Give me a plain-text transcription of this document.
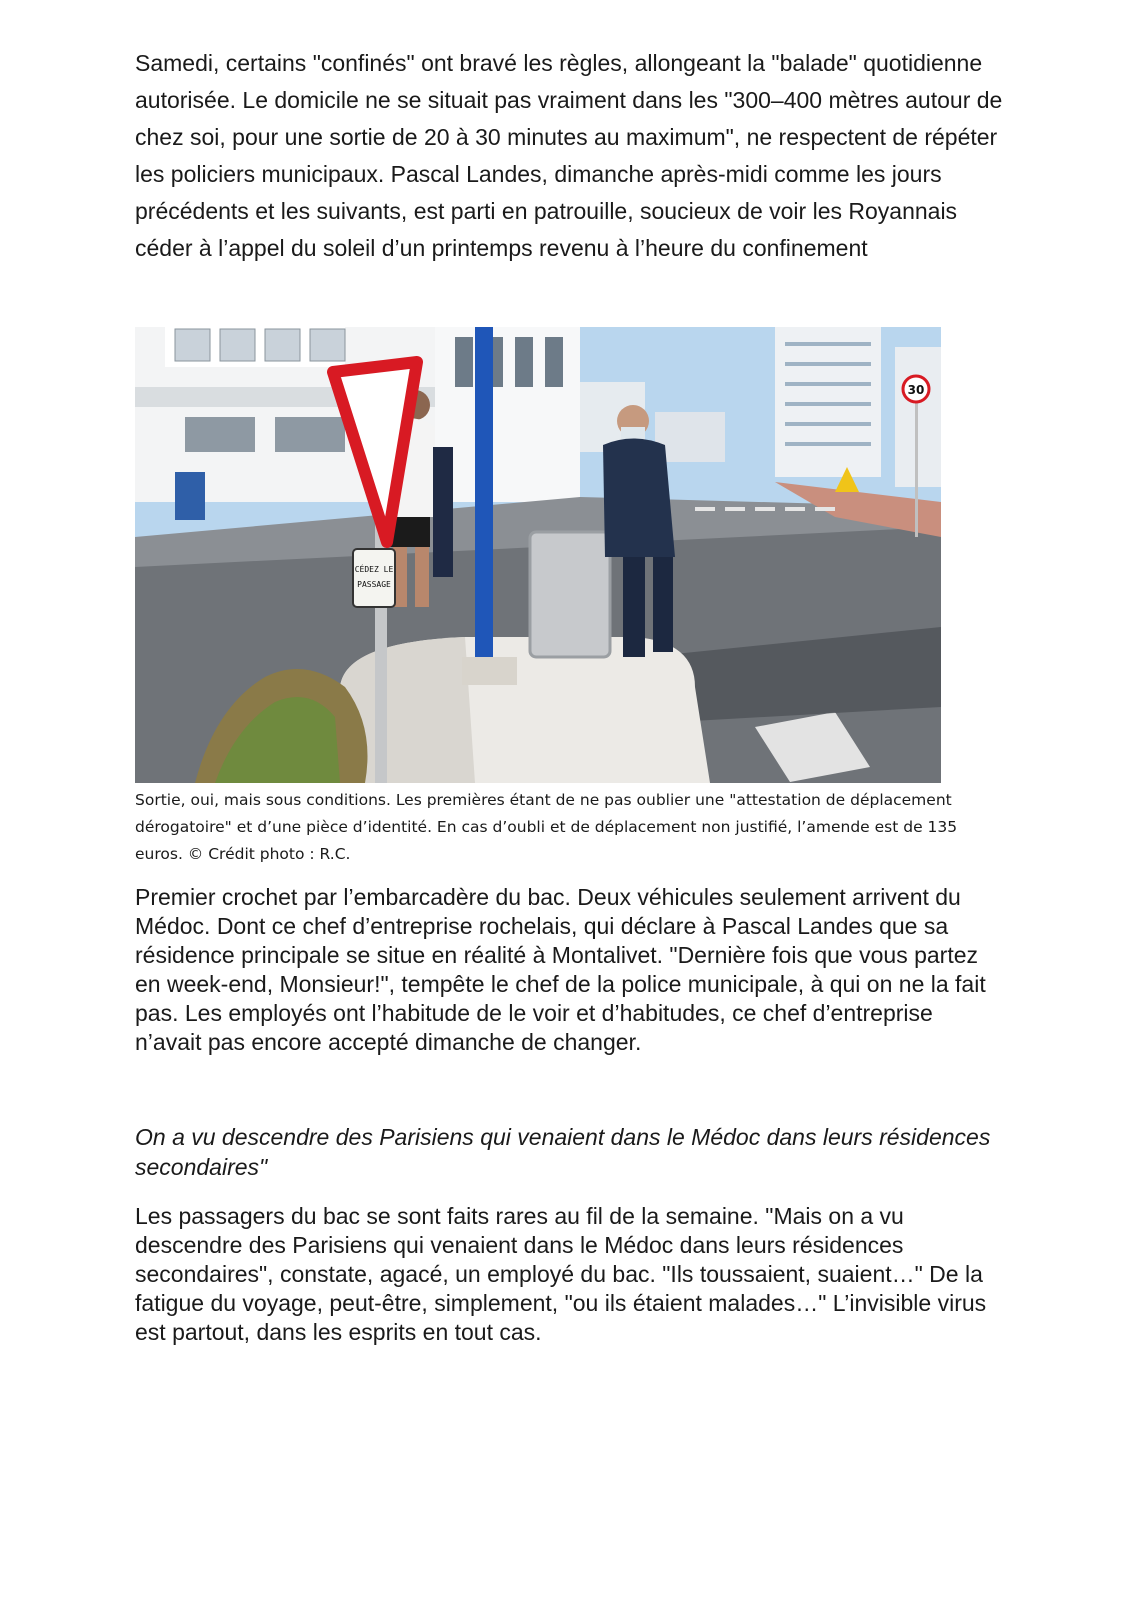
Samedi, certains "confinés" ont bravé les règles, allongeant la "balade" quotidienne autorisée. Le domicile ne se situait pas vraiment dans les "300–400 mètres autour de chez soi, pour une sortie de 20 à 30 minutes au maximum", ne respectent de répéter les policiers municipaux. Pascal Landes, dimanche après-midi comme les jours précédents et les suivants, est parti en patrouille, soucieux de voir les Royannais céder à l’appel du soleil d’un printemps revenu à l’heure du confinement

CÉDEZ LE
PASSAGE
30

Sortie, oui, mais sous conditions. Les premières étant de ne pas oublier une "attestation de déplacement dérogatoire" et d’une pièce d’identité. En cas d’oubli et de déplacement non justifié, l’amende est de 135 euros. © Crédit photo : R.C.

Premier crochet par l’embarcadère du bac. Deux véhicules seulement arrivent du Médoc. Dont ce chef d’entreprise rochelais, qui déclare à Pascal Landes que sa résidence principale se situe en réalité à Montalivet. "Dernière fois que vous partez en week-end, Monsieur!", tempête le chef de la police municipale, à qui on ne la fait pas. Les employés ont l’habitude de le voir et d’habitudes, ce chef d’entreprise n’avait pas encore accepté dimanche de changer.

On a vu descendre des Parisiens qui venaient dans le Médoc dans leurs résidences secondaires"

Les passagers du bac se sont faits rares au fil de la semaine. "Mais on a vu descendre des Parisiens qui venaient dans le Médoc dans leurs résidences secondaires", constate, agacé, un employé du bac. "Ils toussaient, suaient…" De la fatigue du voyage, peut-être, simplement, "ou ils étaient malades…" L’invisible virus est partout, dans les esprits en tout cas.
